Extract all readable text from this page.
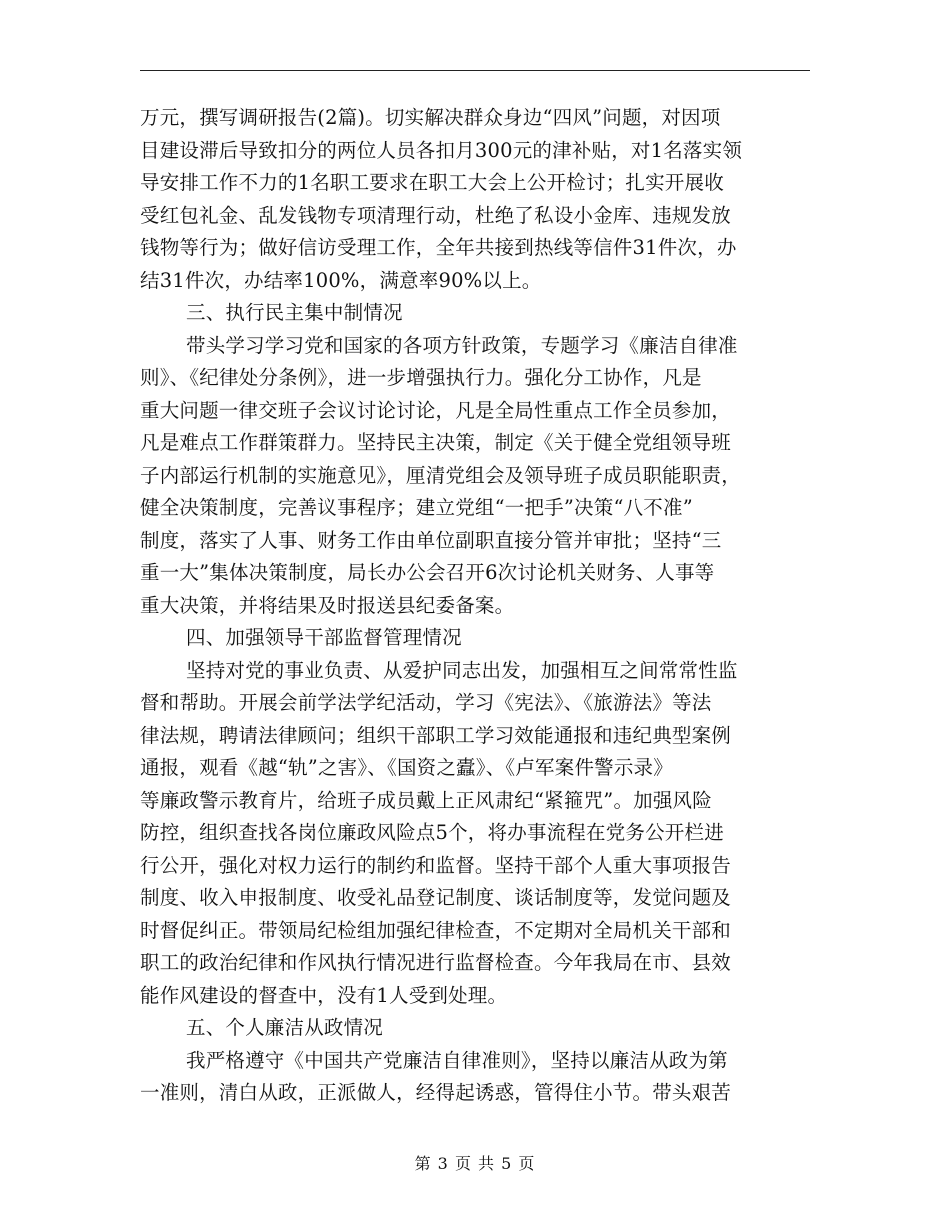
万元，撰写调研报告(2篇)。切实解决群众身边“四风”问题，对因项
目建设滞后导致扣分的两位人员各扣月300元的津补贴，对1名落实领
导安排工作不力的1名职工要求在职工大会上公开检讨；扎实开展收
受红包礼金、乱发钱物专项清理行动，杜绝了私设小金库、违规发放
钱物等行为；做好信访受理工作，全年共接到热线等信件31件次，办
结31件次，办结率100%，满意率90%以上。
三、执行民主集中制情况
带头学习学习党和国家的各项方针政策，专题学习《廉洁自律准
则》、《纪律处分条例》，进一步增强执行力。强化分工协作，凡是
重大问题一律交班子会议讨论讨论，凡是全局性重点工作全员参加，
凡是难点工作群策群力。坚持民主决策，制定《关于健全党组领导班
子内部运行机制的实施意见》，厘清党组会及领导班子成员职能职责，
健全决策制度，完善议事程序；建立党组“一把手”决策“八不准”
制度，落实了人事、财务工作由单位副职直接分管并审批；坚持“三
重一大”集体决策制度，局长办公会召开6次讨论机关财务、人事等
重大决策，并将结果及时报送县纪委备案。
四、加强领导干部监督管理情况
坚持对党的事业负责、从爱护同志出发，加强相互之间常常性监
督和帮助。开展会前学法学纪活动，学习《宪法》、《旅游法》等法
律法规，聘请法律顾问；组织干部职工学习效能通报和违纪典型案例
通报，观看《越“轨”之害》、《国资之蠹》、《卢军案件警示录》
等廉政警示教育片，给班子成员戴上正风肃纪“紧箍咒”。加强风险
防控，组织查找各岗位廉政风险点5个，将办事流程在党务公开栏进
行公开，强化对权力运行的制约和监督。坚持干部个人重大事项报告
制度、收入申报制度、收受礼品登记制度、谈话制度等，发觉问题及
时督促纠正。带领局纪检组加强纪律检查，不定期对全局机关干部和
职工的政治纪律和作风执行情况进行监督检查。今年我局在市、县效
能作风建设的督查中，没有1人受到处理。
五、个人廉洁从政情况
我严格遵守《中国共产党廉洁自律准则》，坚持以廉洁从政为第
一准则，清白从政，正派做人，经得起诱惑，管得住小节。带头艰苦
第 3 页 共 5 页
